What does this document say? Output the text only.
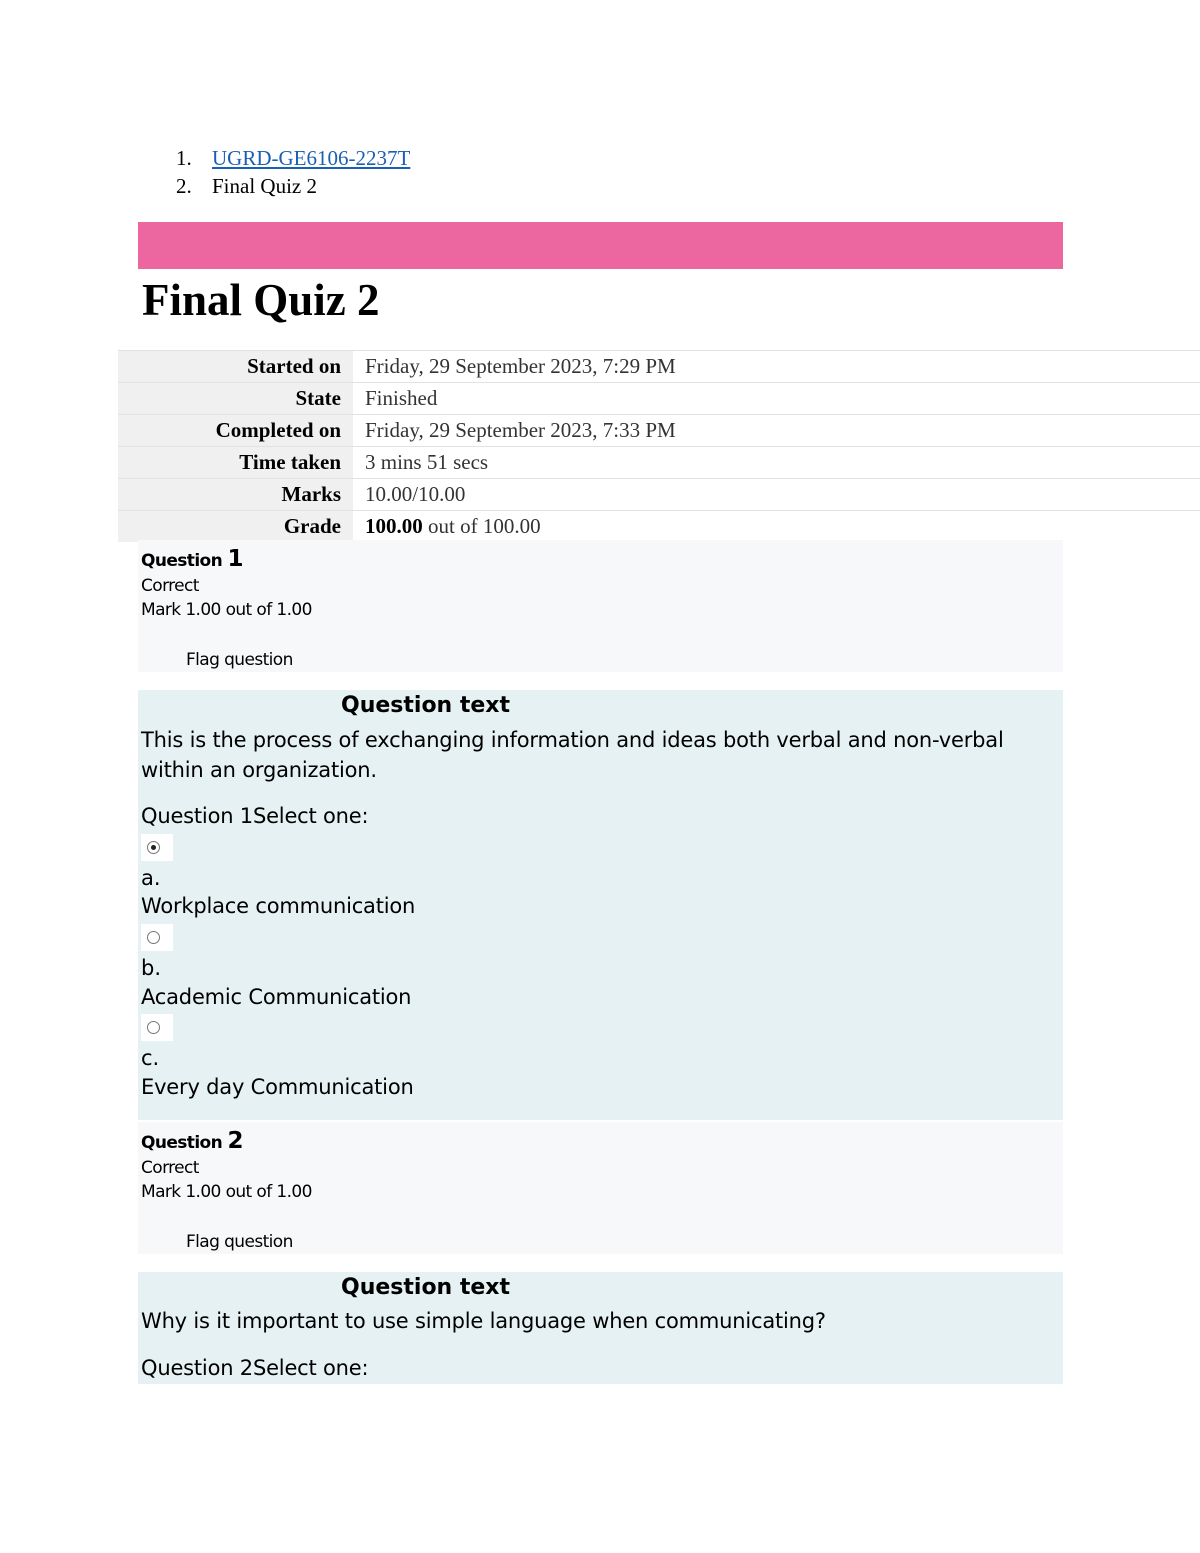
1. UGRD-GE6106-2237T
2. Final Quiz 2
Final Quiz 2
Started on	Friday, 29 September 2023, 7:29 PM
State	Finished
Completed on	Friday, 29 September 2023, 7:33 PM
Time taken	3 mins 51 secs
Marks	10.00/10.00
Grade	100.00 out of 100.00
Question 1
Correct
Mark 1.00 out of 1.00
Flag question
Question text
This is the process of exchanging information and ideas both verbal and non-verbal within an organization.
Question 1Select one:
a.
Workplace communication
b.
Academic Communication
c.
Every day Communication
Question 2
Correct
Mark 1.00 out of 1.00
Flag question
Question text
Why is it important to use simple language when communicating?
Question 2Select one:
